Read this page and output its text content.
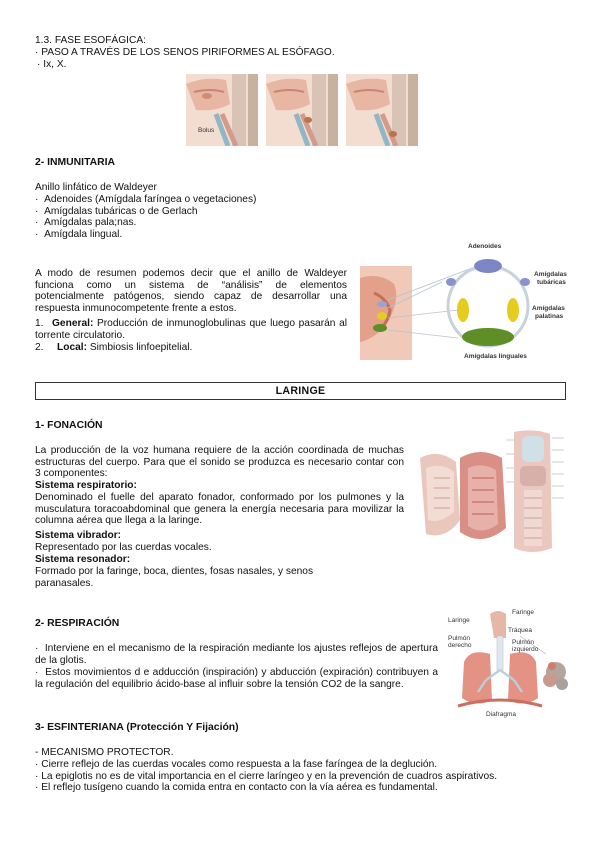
1.3. FASE ESOFÁGICA:
· PASO A TRAVÉS DE LOS SENOS PIRIFORMES AL ESÓFAGO.
· Ix, X.
Bolus
2- INMUNITARIA
Anillo linfático de Waldeyer
·  Adenoides (Amígdala faríngea o vegetaciones)
·  Amígdalas tubáricas o de Gerlach
·  Amígdalas pala;nas.
·  Amígdala lingual.
A modo de resumen podemos decir que el anillo de Waldeyer funciona como un sistema de “análisis” de elementos potencialmente patógenos, siendo capaz de desarrollar una respuesta inmunocompetente frente a estos.
1. General: Producción de inmunoglobulinas que luego pasarán al torrente circulatorio.
2. Local: Simbiosis linfoepitelial.
Adenoides
Amígdalas
tubáricas
Amígdalas
palatinas
Amígdalas linguales
LARINGE
1- FONACIÓN
La producción de la voz humana requiere de la acción coordinada de muchas estructuras del cuerpo. Para que el sonido se produzca es necesario contar con 3 componentes:
Sistema respiratorio:
Denominado el fuelle del aparato fonador, conformado por los pulmones y la musculatura toracoabdominal que genera la energía necesaria para movilizar la columna aérea que llega a la laringe.
Sistema vibrador:
Representado por las cuerdas vocales.
Sistema resonador:
Formado por la faringe, boca, dientes, fosas nasales, y senos
paranasales.
2- RESPIRACIÓN
·  Interviene en el mecanismo de la respiración mediante los ajustes reflejos de apertura de la glotis.
·  Estos movimientos d e adducción (inspiración) y abducción (expiración) contribuyen a la regulación del equilibrio ácido-base al influir sobre la tensión CO2 de la sangre.
Faringe
Laringe
Tráquea
Pulmón
derecho	Pulmón
izquierdo
Diafragma
3- ESFINTERIANA (Protección Y Fijación)
- MECANISMO PROTECTOR.
· Cierre reflejo de las cuerdas vocales como respuesta a la fase faríngea de la deglución.
· La epiglotis no es de vital importancia en el cierre laríngeo y en la prevención de cuadros aspirativos.
· El reflejo tusígeno cuando la comida entra en contacto con la vía aérea es fundamental.
